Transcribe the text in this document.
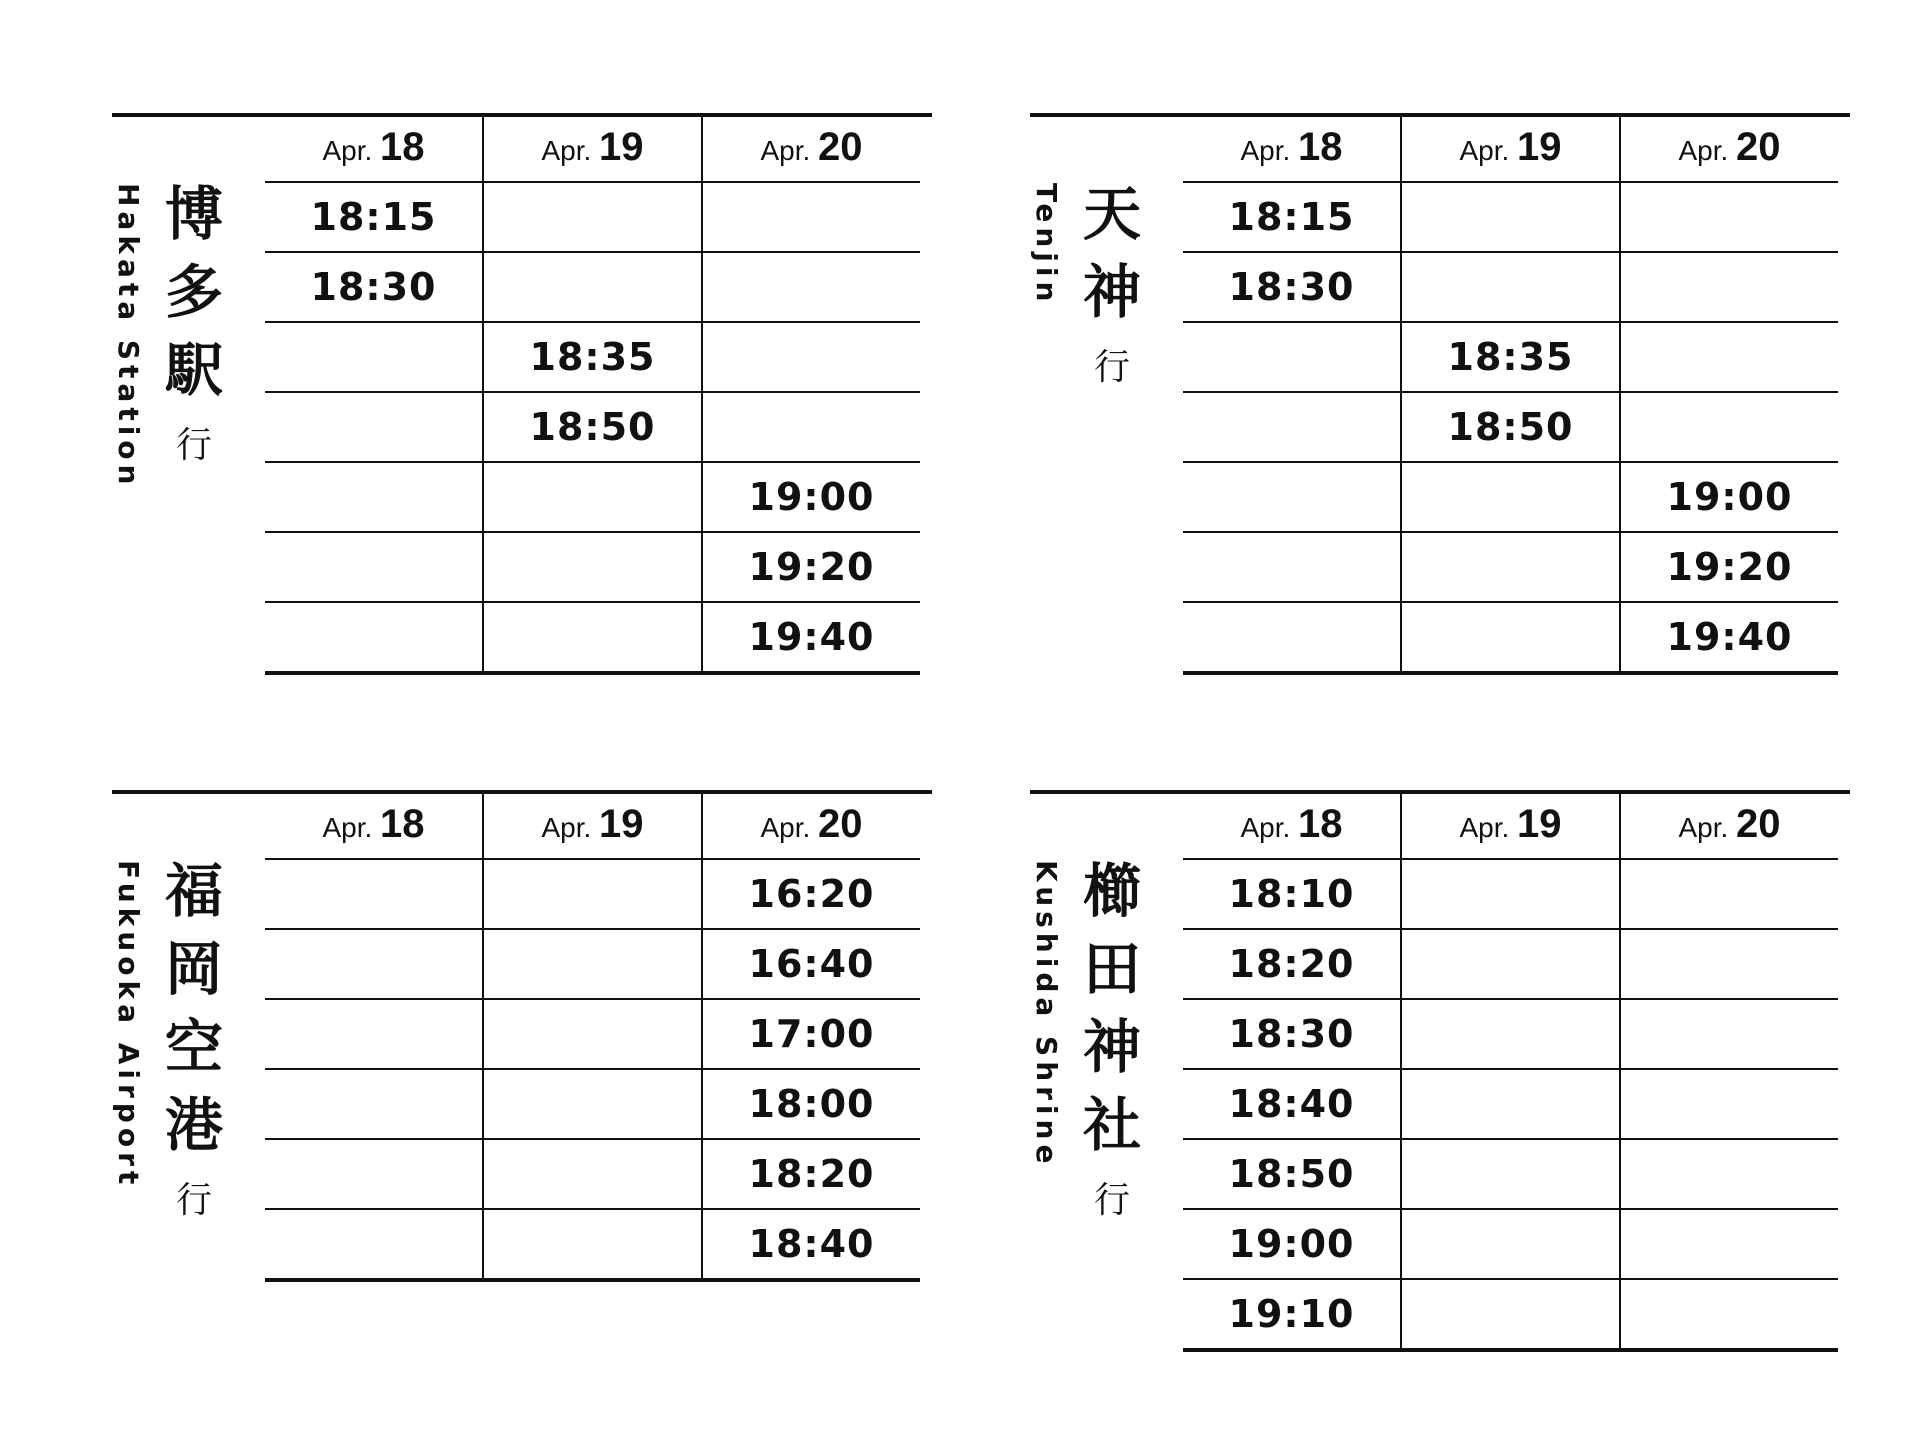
Hakata Station 博
多
駅
行
Apr. 18	Apr. 19	Apr. 20
18:15		
18:30		
	18:35	
	18:50	
		19:00
		19:20
		19:40
Tenjin 天
神
行
Apr. 18	Apr. 19	Apr. 20
18:15		
18:30		
	18:35	
	18:50	
		19:00
		19:20
		19:40
Fukuoka Airport 福
岡
空
港
行
Apr. 18	Apr. 19	Apr. 20
		16:20
		16:40
		17:00
		18:00
		18:20
		18:40
Kushida Shrine 櫛
田
神
社
行
Apr. 18	Apr. 19	Apr. 20
18:10		
18:20		
18:30		
18:40		
18:50		
19:00		
19:10		
